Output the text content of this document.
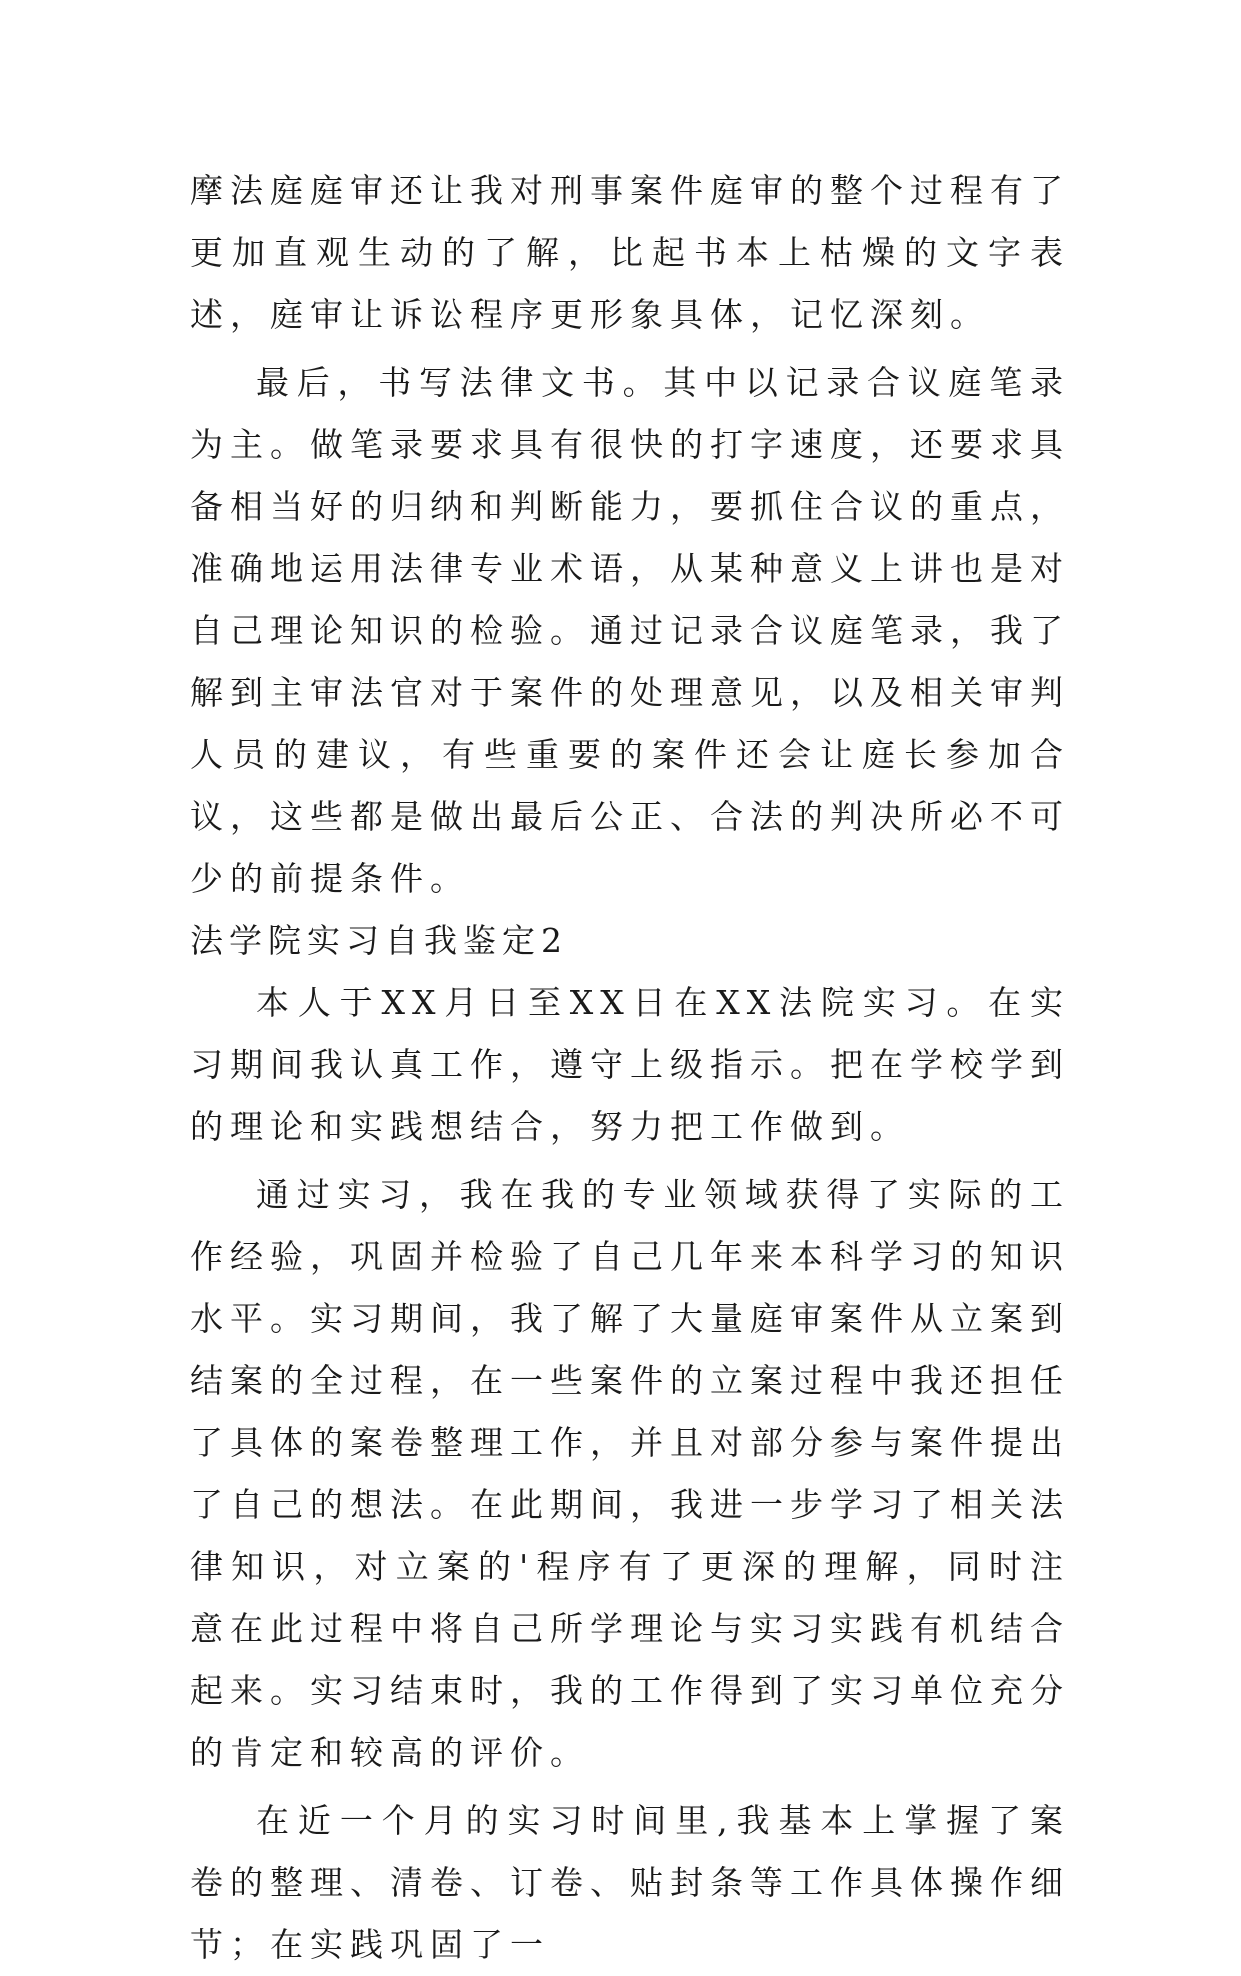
摩法庭庭审还让我对刑事案件庭审的整个过程有了更加直观生动的了解，比起书本上枯燥的文字表述，庭审让诉讼程序更形象具体，记忆深刻。

最后，书写法律文书。其中以记录合议庭笔录为主。做笔录要求具有很快的打字速度，还要求具备相当好的归纳和判断能力，要抓住合议的重点，准确地运用法律专业术语，从某种意义上讲也是对自己理论知识的检验。通过记录合议庭笔录，我了解到主审法官对于案件的处理意见，以及相关审判人员的建议，有些重要的案件还会让庭长参加合议，这些都是做出最后公正、合法的判决所必不可少的前提条件。

法学院实习自我鉴定2

本人于XX月日至XX日在XX法院实习。在实习期间我认真工作，遵守上级指示。把在学校学到的理论和实践想结合，努力把工作做到。

通过实习，我在我的专业领域获得了实际的工作经验，巩固并检验了自己几年来本科学习的知识水平。实习期间，我了解了大量庭审案件从立案到结案的全过程，在一些案件的立案过程中我还担任了具体的案卷整理工作，并且对部分参与案件提出了自己的想法。在此期间，我进一步学习了相关法律知识，对立案的'程序有了更深的理解，同时注意在此过程中将自己所学理论与实习实践有机结合起来。实习结束时，我的工作得到了实习单位充分的肯定和较高的评价。

在近一个月的实习时间里,我基本上掌握了案卷的整理、清卷、订卷、贴封条等工作具体操作细节；在实践巩固了一
